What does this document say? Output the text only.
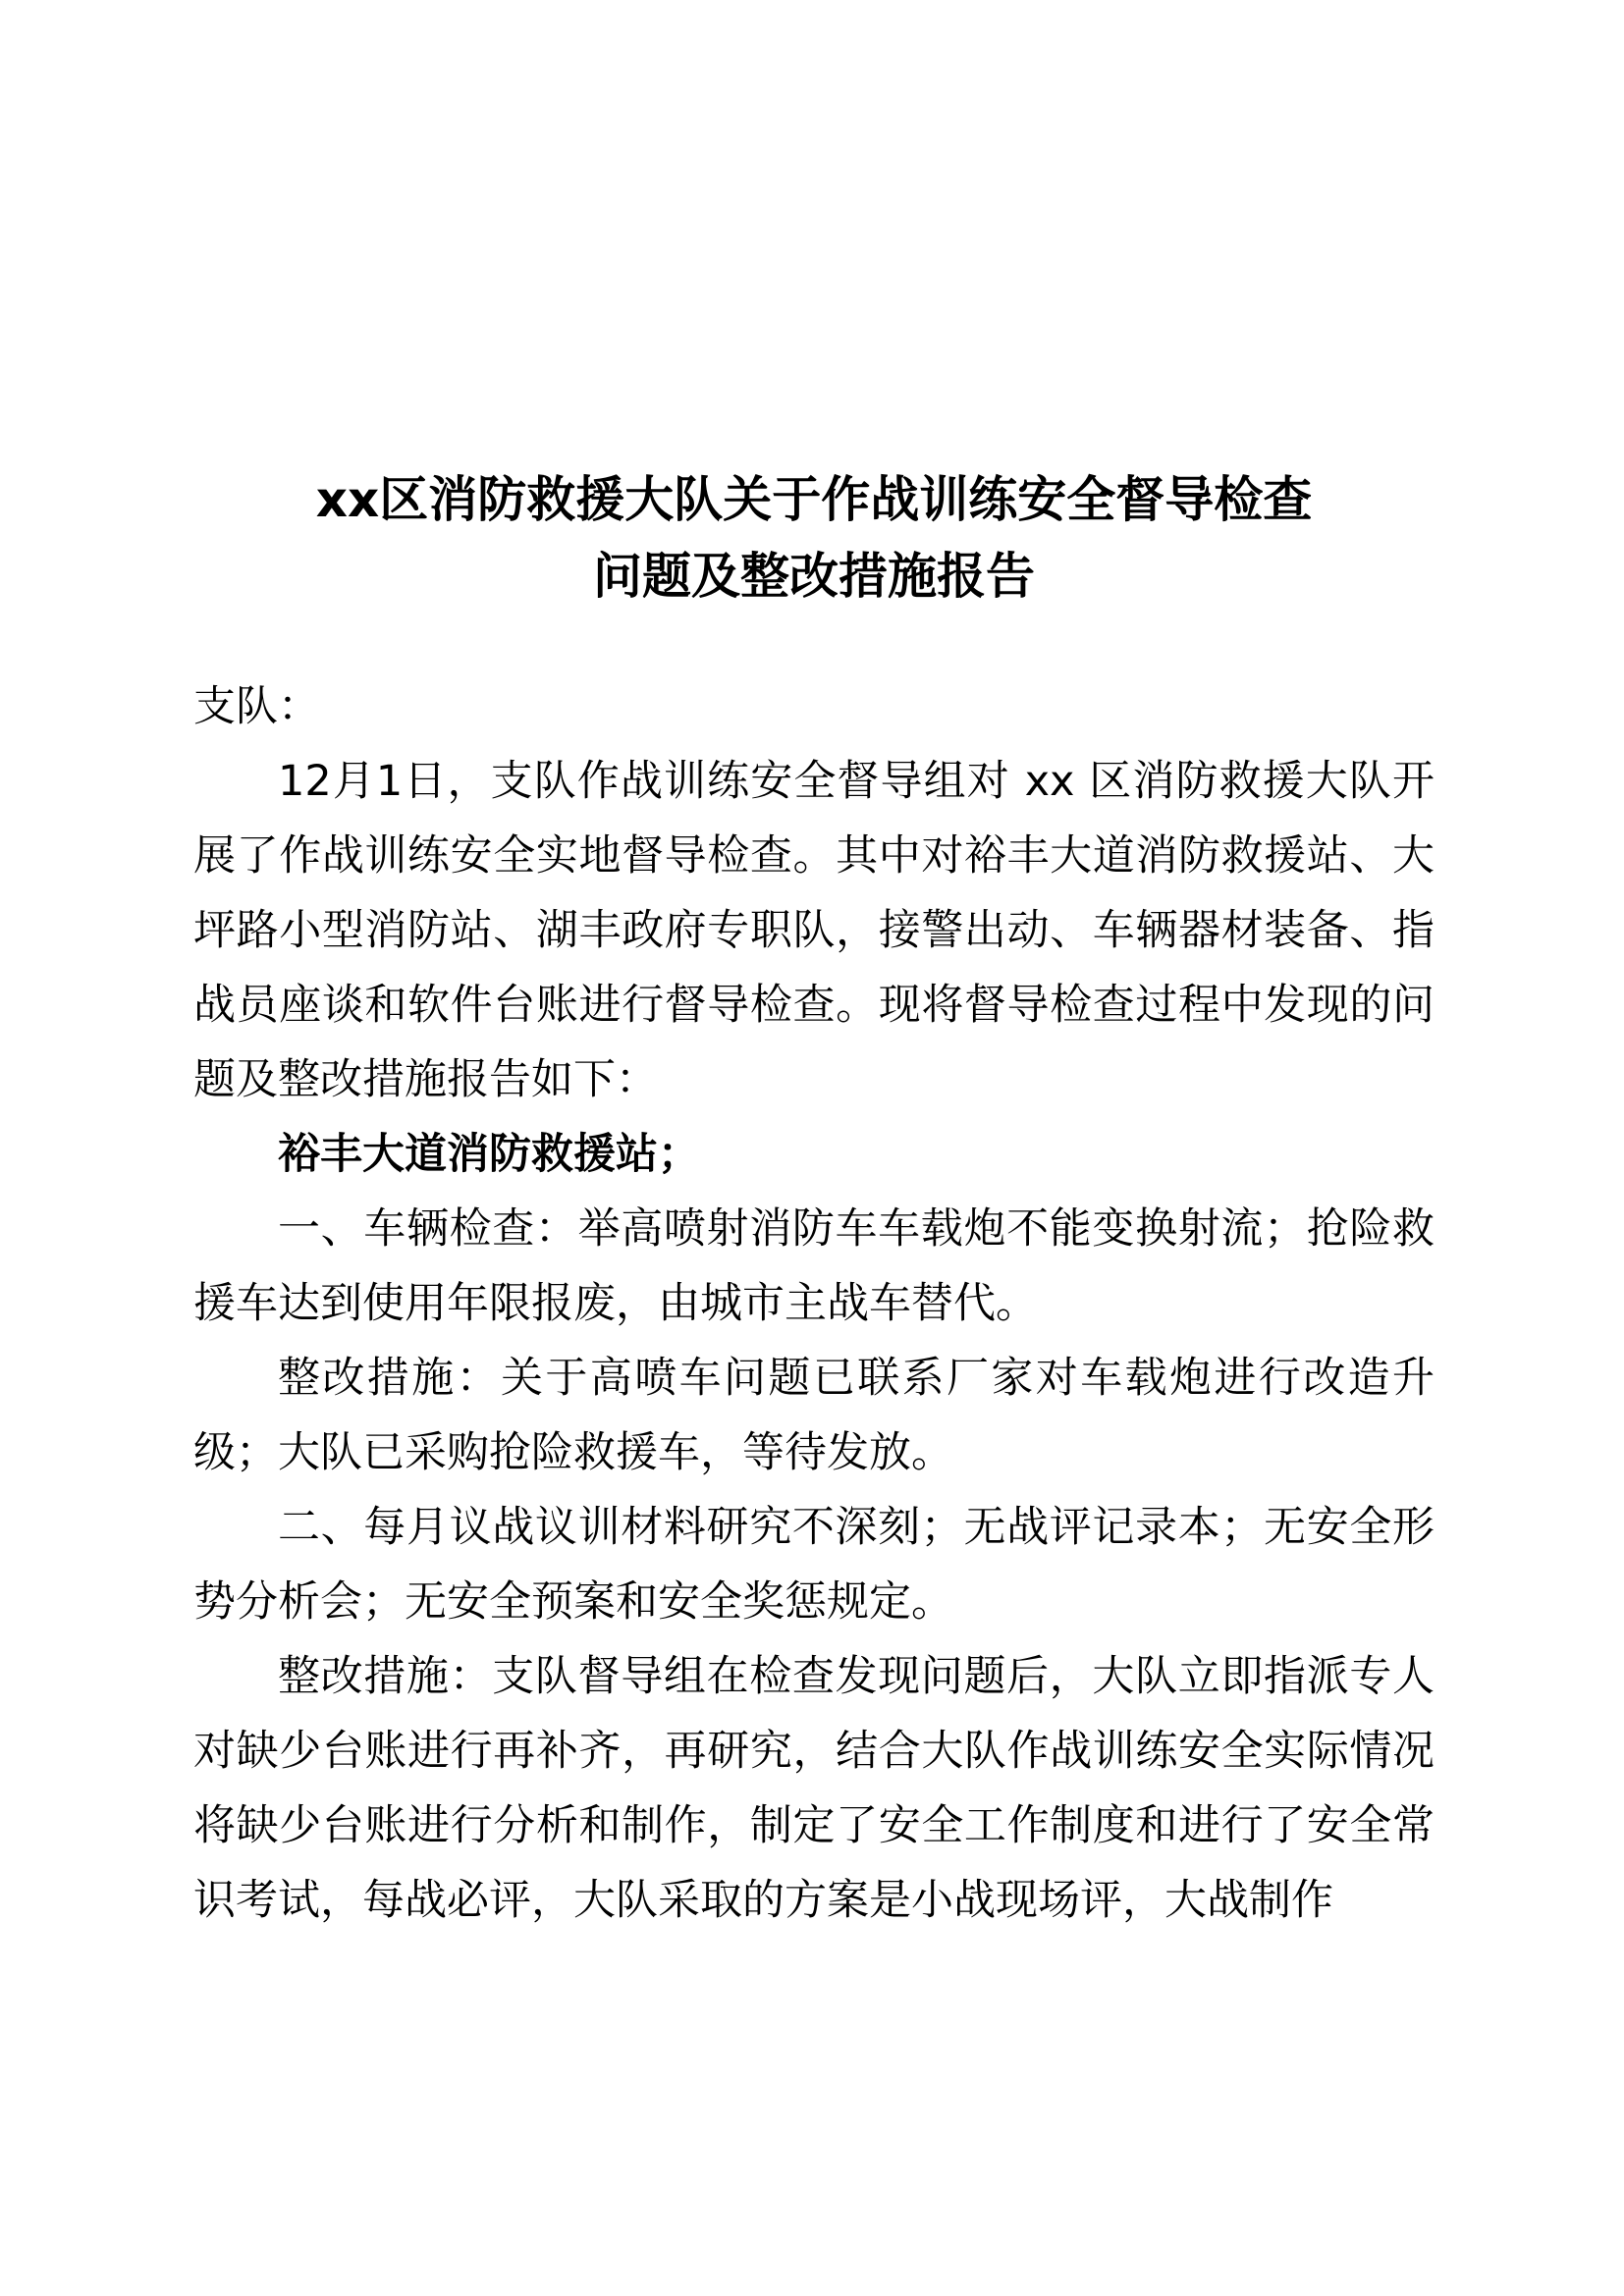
xx区消防救援大队关于作战训练安全督导检查
问题及整改措施报告

支队：

12月1日，支队作战训练安全督导组对 xx 区消防救援大队开展了作战训练安全实地督导检查。其中对裕丰大道消防救援站、大坪路小型消防站、湖丰政府专职队，接警出动、车辆器材装备、指战员座谈和软件台账进行督导检查。现将督导检查过程中发现的问题及整改措施报告如下：

裕丰大道消防救援站；

一、车辆检查：举高喷射消防车车载炮不能变换射流；抢险救援车达到使用年限报废，由城市主战车替代。

整改措施：关于高喷车问题已联系厂家对车载炮进行改造升级；大队已采购抢险救援车，等待发放。

二、每月议战议训材料研究不深刻；无战评记录本；无安全形势分析会；无安全预案和安全奖惩规定。

整改措施：支队督导组在检查发现问题后，大队立即指派专人对缺少台账进行再补齐，再研究，结合大队作战训练安全实际情况将缺少台账进行分析和制作，制定了安全工作制度和进行了安全常识考试，每战必评，大队采取的方案是小战现场评，大战制作
